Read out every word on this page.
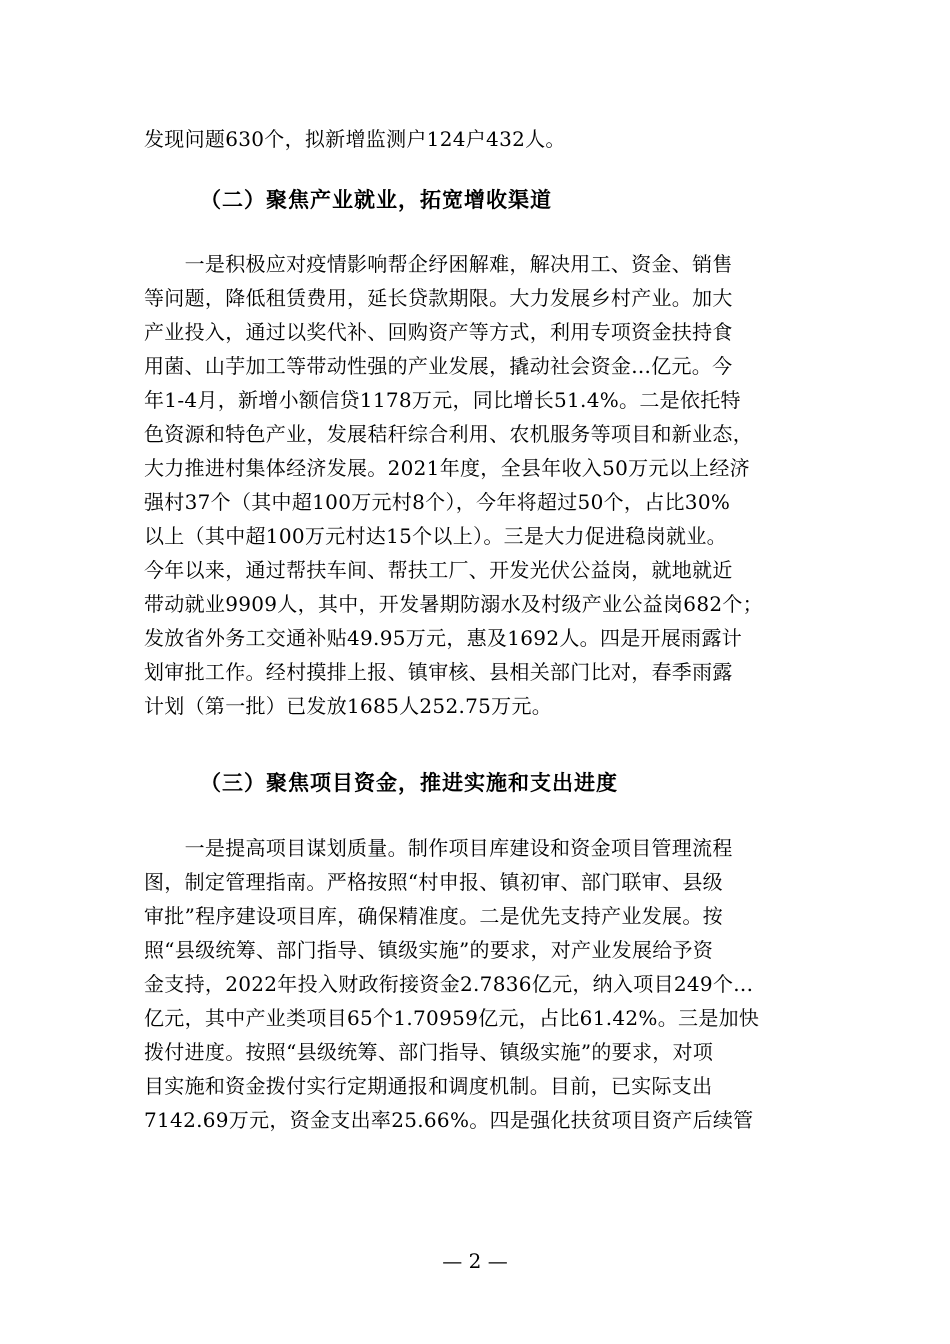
发现问题630个，拟新增监测户124户432人。
（二）聚焦产业就业，拓宽增收渠道
　　一是积极应对疫情影响帮企纾困解难，解决用工、资金、销售
等问题，降低租赁费用，延长贷款期限。大力发展乡村产业。加大
产业投入，通过以奖代补、回购资产等方式，利用专项资金扶持食
用菌、山芋加工等带动性强的产业发展，撬动社会资金...亿元。今
年1-4月，新增小额信贷1178万元，同比增长51.4%。二是依托特
色资源和特色产业，发展秸秆综合利用、农机服务等项目和新业态，
大力推进村集体经济发展。2021年度，全县年收入50万元以上经济
强村37个（其中超100万元村8个），今年将超过50个，占比30%
以上（其中超100万元村达15个以上）。三是大力促进稳岗就业。
今年以来，通过帮扶车间、帮扶工厂、开发光伏公益岗，就地就近
带动就业9909人，其中，开发暑期防溺水及村级产业公益岗682个；
发放省外务工交通补贴49.95万元，惠及1692人。四是开展雨露计
划审批工作。经村摸排上报、镇审核、县相关部门比对，春季雨露
计划（第一批）已发放1685人252.75万元。
（三）聚焦项目资金，推进实施和支出进度
　　一是提高项目谋划质量。制作项目库建设和资金项目管理流程
图，制定管理指南。严格按照“村申报、镇初审、部门联审、县级
审批”程序建设项目库，确保精准度。二是优先支持产业发展。按
照“县级统筹、部门指导、镇级实施”的要求，对产业发展给予资
金支持，2022年投入财政衔接资金2.7836亿元，纳入项目249个...
亿元，其中产业类项目65个1.70959亿元，占比61.42%。三是加快
拨付进度。按照“县级统筹、部门指导、镇级实施”的要求，对项
目实施和资金拨付实行定期通报和调度机制。目前，已实际支出
7142.69万元，资金支出率25.66%。四是强化扶贫项目资产后续管
— 2 —
